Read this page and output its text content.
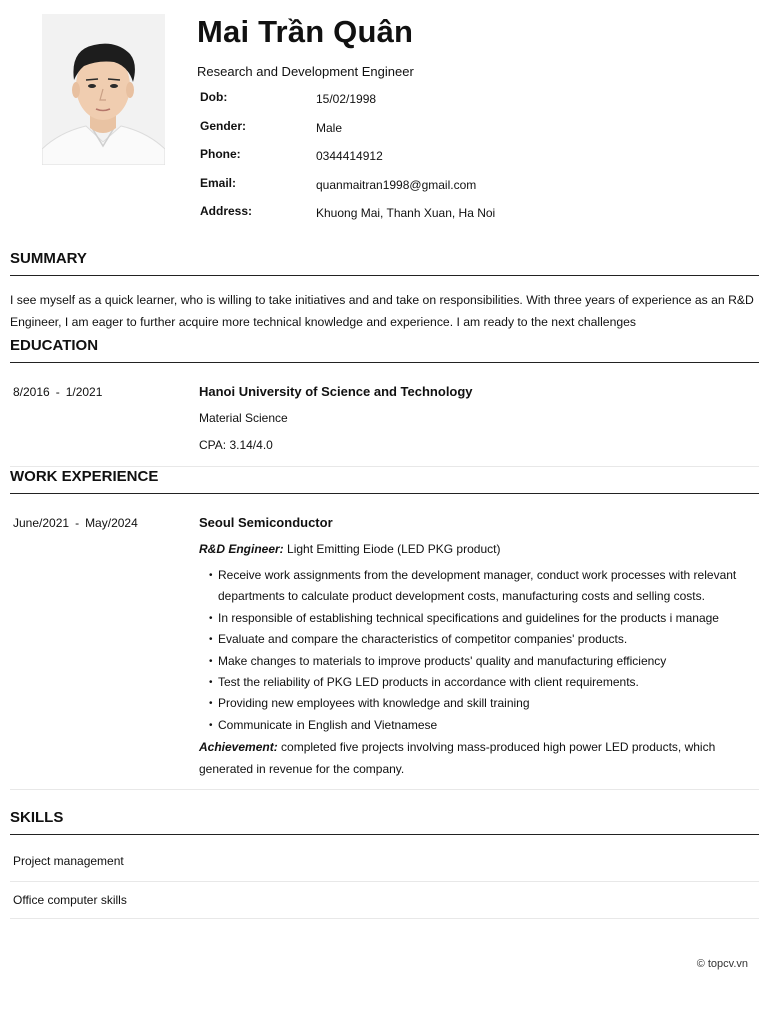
Mai Trần Quân
Research and Development Engineer
Dob:	15/02/1998
Gender:	Male
Phone:	0344414912
Email:	quanmaitran1998@gmail.com
Address:	Khuong Mai, Thanh Xuan, Ha Noi
SUMMARY
I see myself as a quick learner, who is willing to take initiatives and and take on responsibilities. With three years of experience as an R&D Engineer, I am eager to further acquire more technical knowledge and experience. I am ready to the next challenges
EDUCATION
8/2016 - 1/2021	Hanoi University of Science and Technology
Material Science
CPA: 3.14/4.0
WORK EXPERIENCE
June/2021 - May/2024	Seoul Semiconductor
R&D Engineer: Light Emitting Eiode (LED PKG product)
• Receive work assignments from the development manager, conduct work processes with relevant departments to calculate product development costs, manufacturing costs and selling costs.
• In responsible of establishing technical specifications and guidelines for the products i manage
• Evaluate and compare the characteristics of competitor companies' products.
• Make changes to materials to improve products' quality and manufacturing efficiency
• Test the reliability of PKG LED products in accordance with client requirements.
• Providing new employees with knowledge and skill training
• Communicate in English and Vietnamese
Achievement: completed five projects involving mass-produced high power LED products, which generated in revenue for the company.
SKILLS
Project management
Office computer skills
© topcv.vn
